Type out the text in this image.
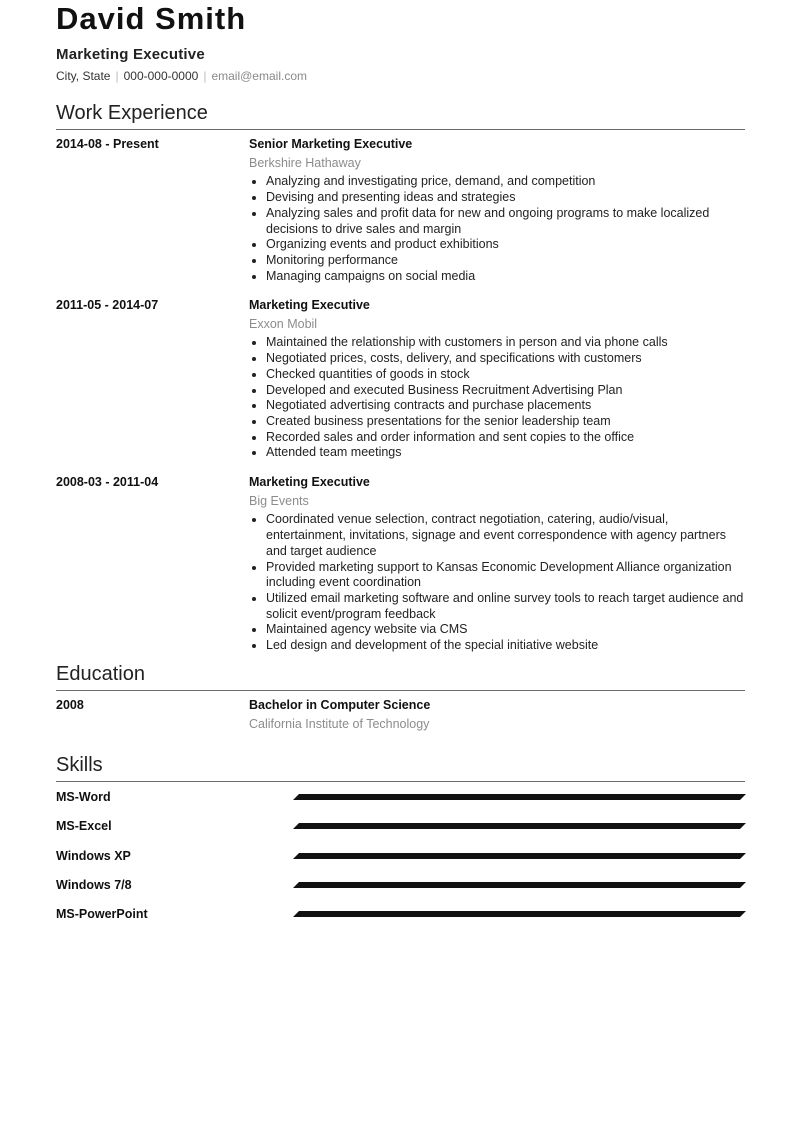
David Smith
Marketing Executive
City, State | 000-000-0000 | email@email.com
Work Experience
2014-08 - Present	Senior Marketing Executive
Berkshire Hathaway
• Analyzing and investigating price, demand, and competition
• Devising and presenting ideas and strategies
• Analyzing sales and profit data for new and ongoing programs to make localized decisions to drive sales and margin
• Organizing events and product exhibitions
• Monitoring performance
• Managing campaigns on social media
2011-05 - 2014-07	Marketing Executive
Exxon Mobil
• Maintained the relationship with customers in person and via phone calls
• Negotiated prices, costs, delivery, and specifications with customers
• Checked quantities of goods in stock
• Developed and executed Business Recruitment Advertising Plan
• Negotiated advertising contracts and purchase placements
• Created business presentations for the senior leadership team
• Recorded sales and order information and sent copies to the office
• Attended team meetings
2008-03 - 2011-04	Marketing Executive
Big Events
• Coordinated venue selection, contract negotiation, catering, audio/visual, entertainment, invitations, signage and event correspondence with agency partners and target audience
• Provided marketing support to Kansas Economic Development Alliance organization including event coordination
• Utilized email marketing software and online survey tools to reach target audience and solicit event/program feedback
• Maintained agency website via CMS
• Led design and development of the special initiative website
Education
2008	Bachelor in Computer Science
California Institute of Technology
Skills
MS-Word
MS-Excel
Windows XP
Windows 7/8
MS-PowerPoint
